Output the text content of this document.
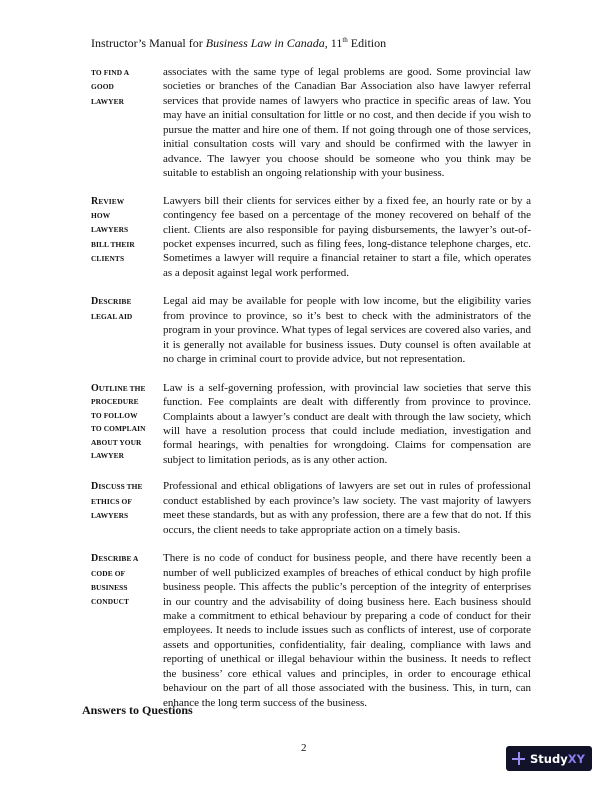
Instructor’s Manual for Business Law in Canada, 11th Edition
TO FIND A
GOOD
LAWYER
associates with the same type of legal problems are good. Some provincial law societies or branches of the Canadian Bar Association also have lawyer referral services that provide names of lawyers who practice in specific areas of law. You may have an initial consultation for little or no cost, and then decide if you wish to pursue the matter and hire one of them. If not going through one of those services, initial consultation costs will vary and should be confirmed with the lawyer in advance. The lawyer you choose should be someone who you think may be suitable to establish an ongoing relationship with your business.
REVIEW
HOW
LAWYERS
BILL THEIR
CLIENTS
Lawyers bill their clients for services either by a fixed fee, an hourly rate or by a contingency fee based on a percentage of the money recovered on behalf of the client. Clients are also responsible for paying disbursements, the lawyer’s out-of-pocket expenses incurred, such as filing fees, long-distance telephone charges, etc. Sometimes a lawyer will require a financial retainer to start a file, which operates as a deposit against legal work performed.
DESCRIBE
LEGAL AID
Legal aid may be available for people with low income, but the eligibility varies from province to province, so it’s best to check with the administrators of the program in your province. What types of legal services are covered also varies, and it is generally not available for business issues. Duty counsel is often available at no charge in criminal court to provide advice, but not representation.
OUTLINE THE
PROCEDURE
TO FOLLOW
TO COMPLAIN
ABOUT YOUR
LAWYER
Law is a self-governing profession, with provincial law societies that serve this function. Fee complaints are dealt with differently from province to province. Complaints about a lawyer’s conduct are dealt with through the law society, which will have a resolution process that could include mediation, investigation and formal hearings, with penalties for wrongdoing. Claims for compensation are subject to limitation periods, as is any other action.
DISCUSS THE
ETHICS OF
LAWYERS
Professional and ethical obligations of lawyers are set out in rules of professional conduct established by each province’s law society. The vast majority of lawyers meet these standards, but as with any profession, there are a few that do not. If this occurs, the client needs to take appropriate action on a timely basis.
DESCRIBE A
CODE OF
BUSINESS
CONDUCT
There is no code of conduct for business people, and there have recently been a number of well publicized examples of breaches of ethical conduct by high profile business people. This affects the public’s perception of the integrity of enterprises in our country and the advisability of doing business here. Each business should make a commitment to ethical behaviour by preparing a code of conduct for their employees. It needs to include issues such as conflicts of interest, use of corporate assets and opportunities, confidentiality, fair dealing, compliance with laws and reporting of unethical or illegal behaviour within the business. It needs to reflect the business’ core ethical values and principles, in order to encourage ethical behaviour on the part of all those associated with the business. This, in turn, can enhance the long term success of the business.
Answers to Questions
2
Study XY
